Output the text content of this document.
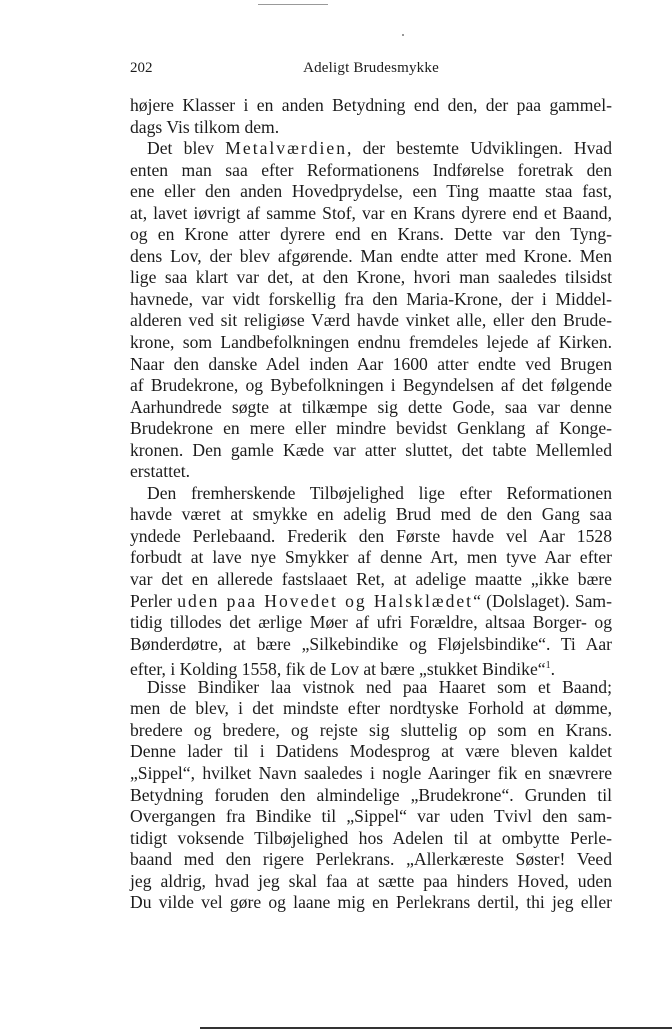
202	Adeligt Brudesmykke
højere Klasser i en anden Betydning end den, der paa gammel-
dags Vis tilkom dem.
Det blev Metalværdien, der bestemte Udviklingen. Hvad
enten man saa efter Reformationens Indførelse foretrak den
ene eller den anden Hovedprydelse, een Ting maatte staa fast,
at, lavet iøvrigt af samme Stof, var en Krans dyrere end et Baand,
og en Krone atter dyrere end en Krans. Dette var den Tyng-
dens Lov, der blev afgørende. Man endte atter med Krone. Men
lige saa klart var det, at den Krone, hvori man saaledes tilsidst
havnede, var vidt forskellig fra den Maria-Krone, der i Middel-
alderen ved sit religiøse Værd havde vinket alle, eller den Brude-
krone, som Landbefolkningen endnu fremdeles lejede af Kirken.
Naar den danske Adel inden Aar 1600 atter endte ved Brugen
af Brudekrone, og Bybefolkningen i Begyndelsen af det følgende
Aarhundrede søgte at tilkæmpe sig dette Gode, saa var denne
Brudekrone en mere eller mindre bevidst Genklang af Konge-
kronen. Den gamle Kæde var atter sluttet, det tabte Mellemled
erstattet.
Den fremherskende Tilbøjelighed lige efter Reformationen
havde været at smykke en adelig Brud med de den Gang saa
yndede Perlebaand. Frederik den Første havde vel Aar 1528
forbudt at lave nye Smykker af denne Art, men tyve Aar efter
var det en allerede fastslaaet Ret, at adelige maatte „ikke bære
Perler uden paa Hovedet og Halsklædet“ (Dolslaget). Sam-
tidig tillodes det ærlige Møer af ufri Forældre, altsaa Borger- og
Bønderdøtre, at bære „Silkebindike og Fløjelsbindike“. Ti Aar
efter, i Kolding 1558, fik de Lov at bære „stukket Bindike“$^1$.
Disse Bindiker laa vistnok ned paa Haaret som et Baand;
men de blev, i det mindste efter nordtyske Forhold at dømme,
bredere og bredere, og rejste sig sluttelig op som en Krans.
Denne lader til i Datidens Modesprog at være bleven kaldet
„Sippel“, hvilket Navn saaledes i nogle Aaringer fik en snævrere
Betydning foruden den almindelige „Brudekrone“. Grunden til
Overgangen fra Bindike til „Sippel“ var uden Tvivl den sam-
tidigt voksende Tilbøjelighed hos Adelen til at ombytte Perle-
baand med den rigere Perlekrans. „Allerkæreste Søster! Veed
jeg aldrig, hvad jeg skal faa at sætte paa hinders Hoved, uden
Du vilde vel gøre og laane mig en Perlekrans dertil, thi jeg eller
